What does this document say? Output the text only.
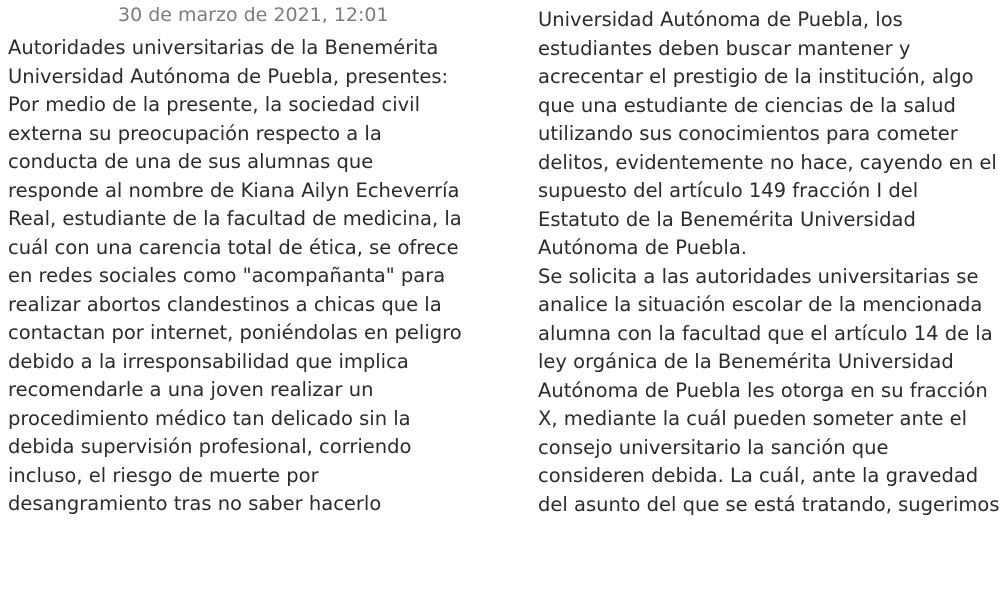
30 de marzo de 2021, 12:01
Autoridades universitarias de la Benemérita
Universidad Autónoma de Puebla, presentes:
Por medio de la presente, la sociedad civil
externa su preocupación respecto a la
conducta de una de sus alumnas que
responde al nombre de Kiana Ailyn Echeverría
Real, estudiante de la facultad de medicina, la
cuál con una carencia total de ética, se ofrece
en redes sociales como "acompañanta" para
realizar abortos clandestinos a chicas que la
contactan por internet, poniéndolas en peligro
debido a la irresponsabilidad que implica
recomendarle a una joven realizar un
procedimiento médico tan delicado sin la
debida supervisión profesional, corriendo
incluso, el riesgo de muerte por
desangramiento tras no saber hacerlo
Universidad Autónoma de Puebla, los
estudiantes deben buscar mantener y
acrecentar el prestigio de la institución, algo
que una estudiante de ciencias de la salud
utilizando sus conocimientos para cometer
delitos, evidentemente no hace, cayendo en el
supuesto del artículo 149 fracción I del
Estatuto de la Benemérita Universidad
Autónoma de Puebla.
Se solicita a las autoridades universitarias se
analice la situación escolar de la mencionada
alumna con la facultad que el artículo 14 de la
ley orgánica de la Benemérita Universidad
Autónoma de Puebla les otorga en su fracción
X, mediante la cuál pueden someter ante el
consejo universitario la sanción que
consideren debida. La cuál, ante la gravedad
del asunto del que se está tratando, sugerimos
